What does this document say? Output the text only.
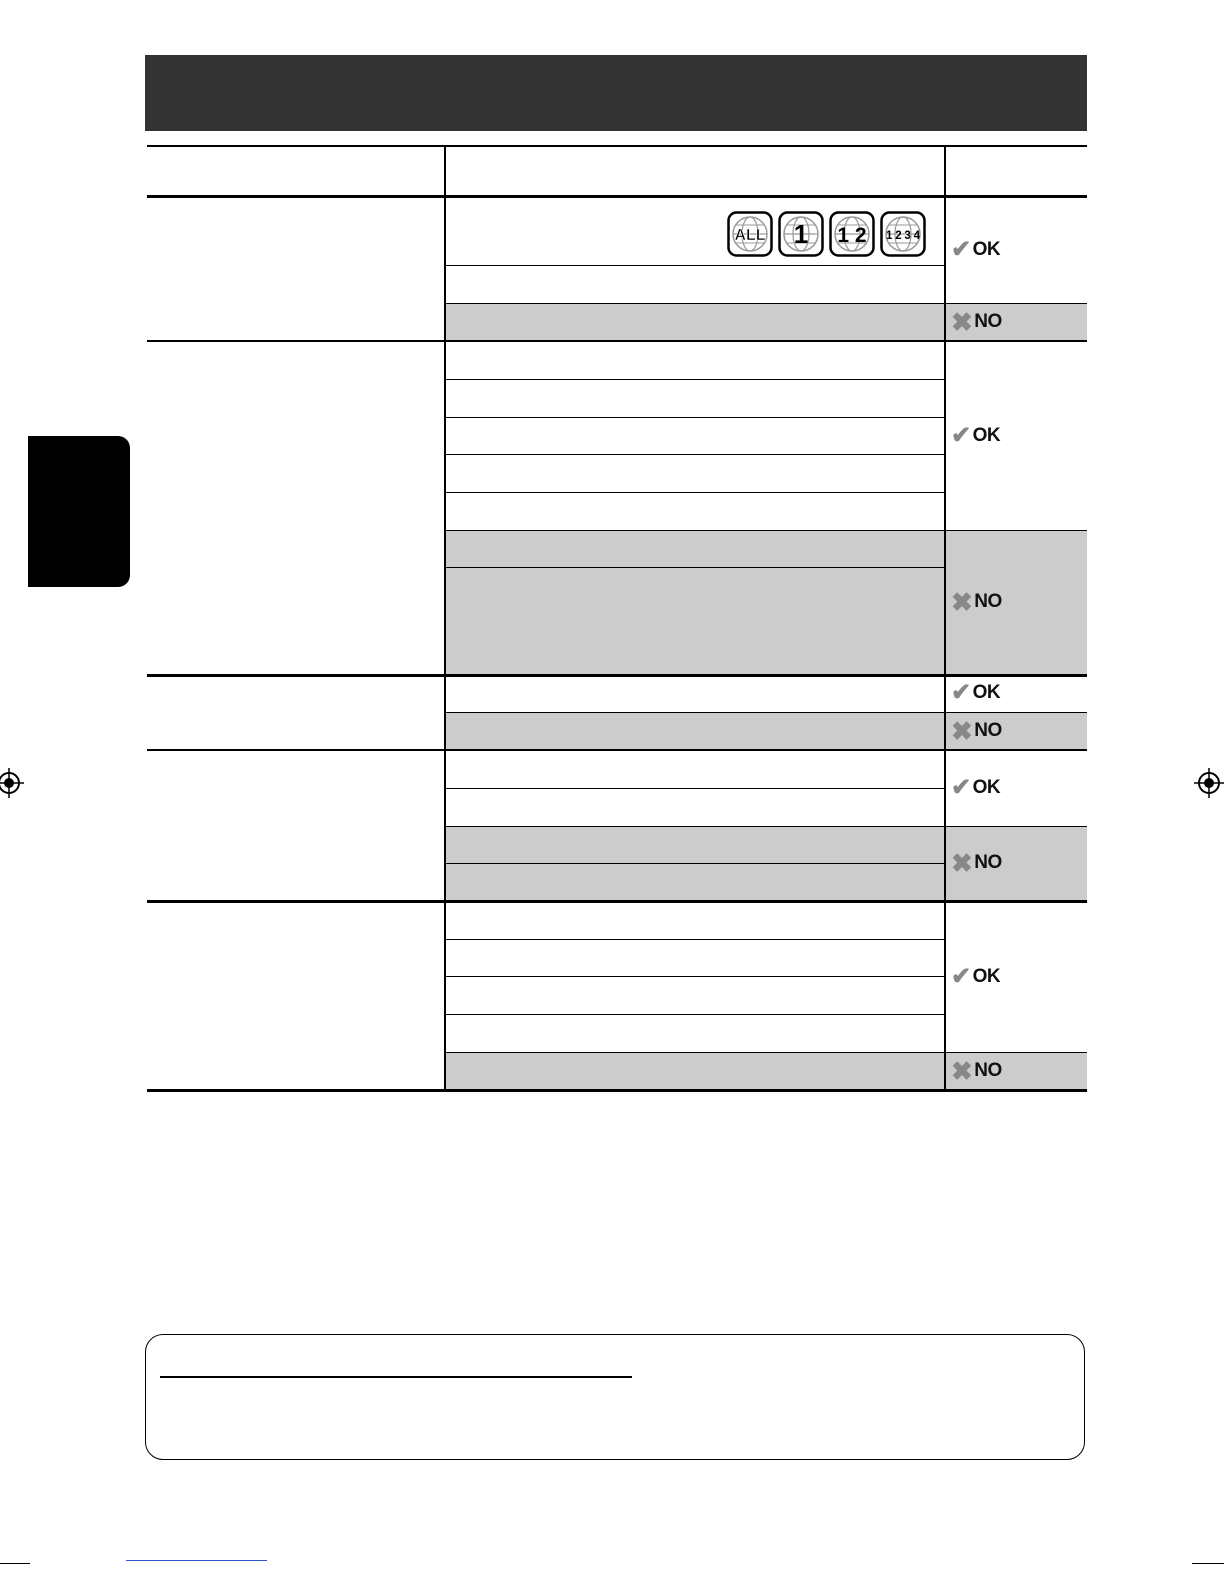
✔ OK
✖ NO
✔ OK
✖ NO
✔ OK
✖ NO
✔ OK
✖ NO
✔ OK
✖ NO
ALL 1 1 2 1 2 3 4
